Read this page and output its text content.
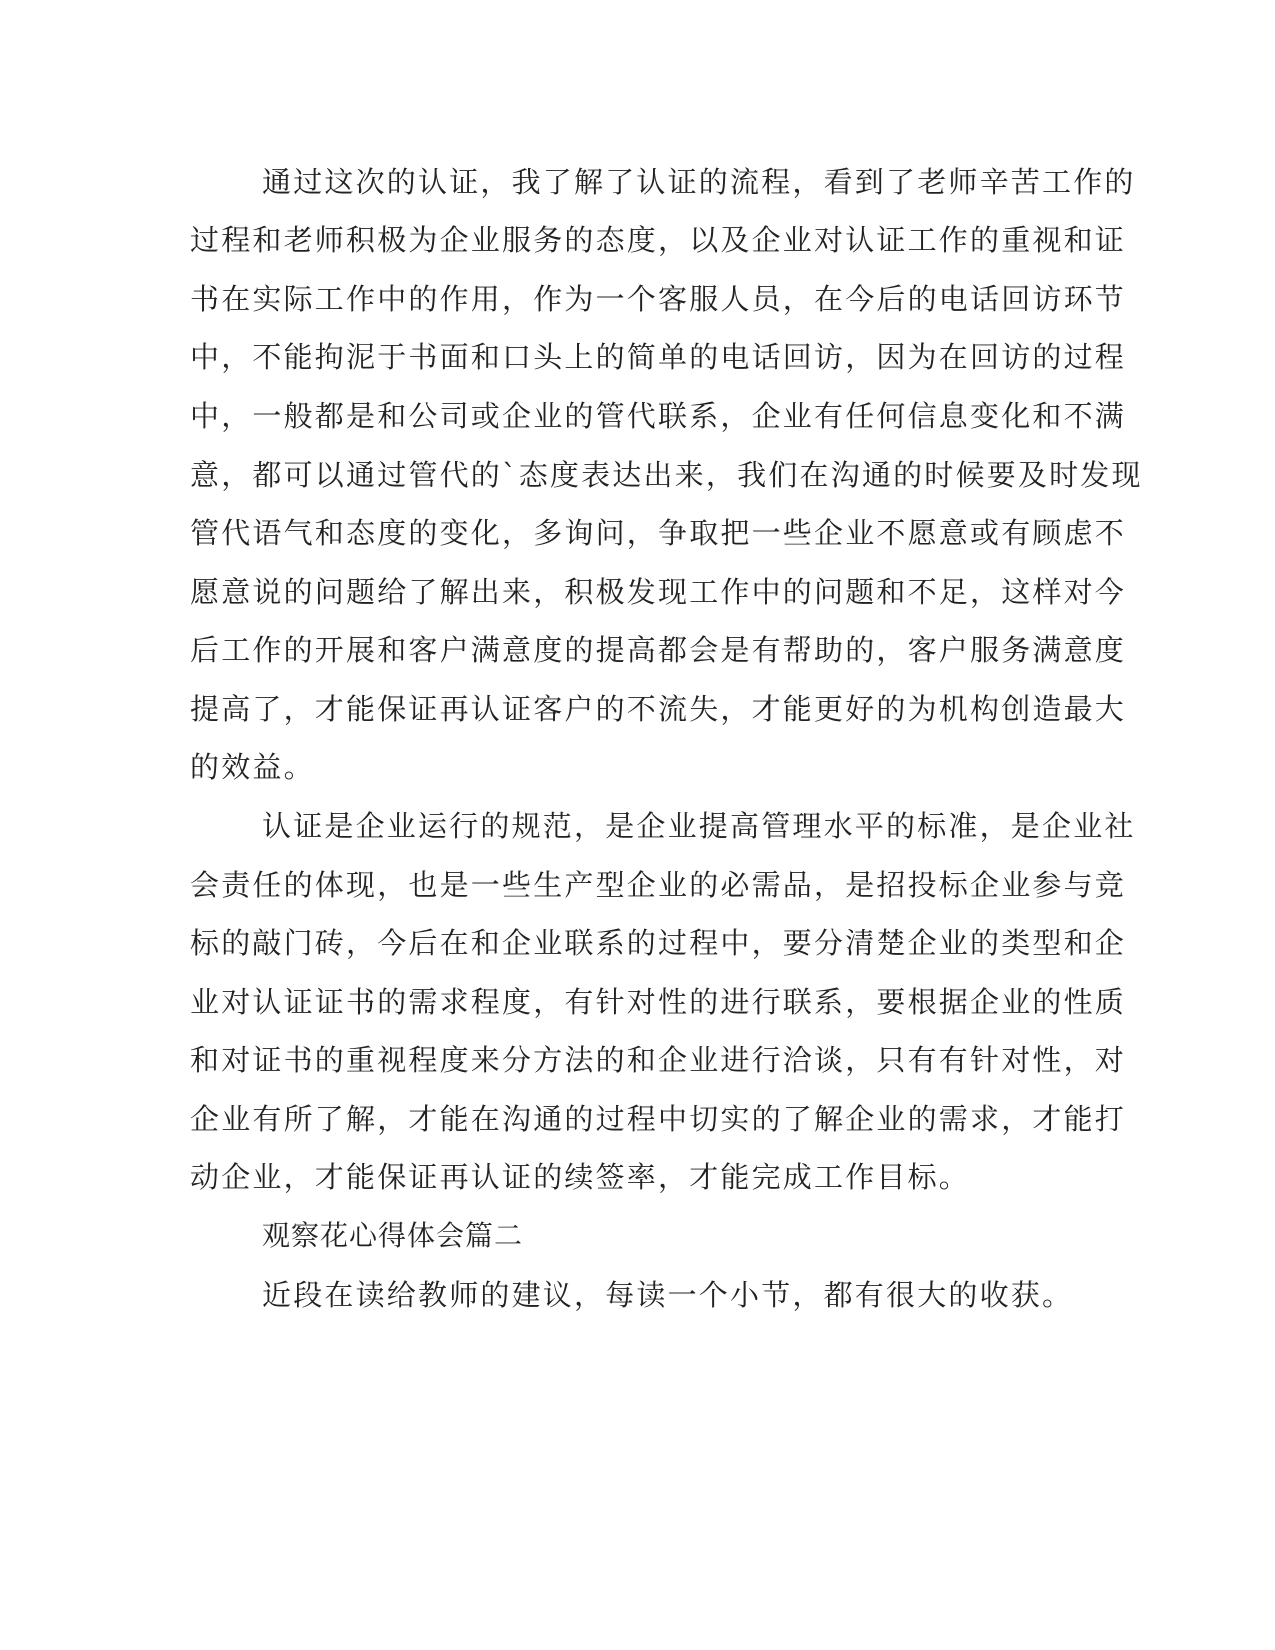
通过这次的认证，我了解了认证的流程，看到了老师辛苦工作的
过程和老师积极为企业服务的态度，以及企业对认证工作的重视和证
书在实际工作中的作用，作为一个客服人员，在今后的电话回访环节
中，不能拘泥于书面和口头上的简单的电话回访，因为在回访的过程
中，一般都是和公司或企业的管代联系，企业有任何信息变化和不满
意，都可以通过管代的`态度表达出来，我们在沟通的时候要及时发现
管代语气和态度的变化，多询问，争取把一些企业不愿意或有顾虑不
愿意说的问题给了解出来，积极发现工作中的问题和不足，这样对今
后工作的开展和客户满意度的提高都会是有帮助的，客户服务满意度
提高了，才能保证再认证客户的不流失，才能更好的为机构创造最大
的效益。
认证是企业运行的规范，是企业提高管理水平的标准，是企业社
会责任的体现，也是一些生产型企业的必需品，是招投标企业参与竞
标的敲门砖，今后在和企业联系的过程中，要分清楚企业的类型和企
业对认证证书的需求程度，有针对性的进行联系，要根据企业的性质
和对证书的重视程度来分方法的和企业进行洽谈，只有有针对性，对
企业有所了解，才能在沟通的过程中切实的了解企业的需求，才能打
动企业，才能保证再认证的续签率，才能完成工作目标。
观察花心得体会篇二
近段在读给教师的建议，每读一个小节，都有很大的收获。
